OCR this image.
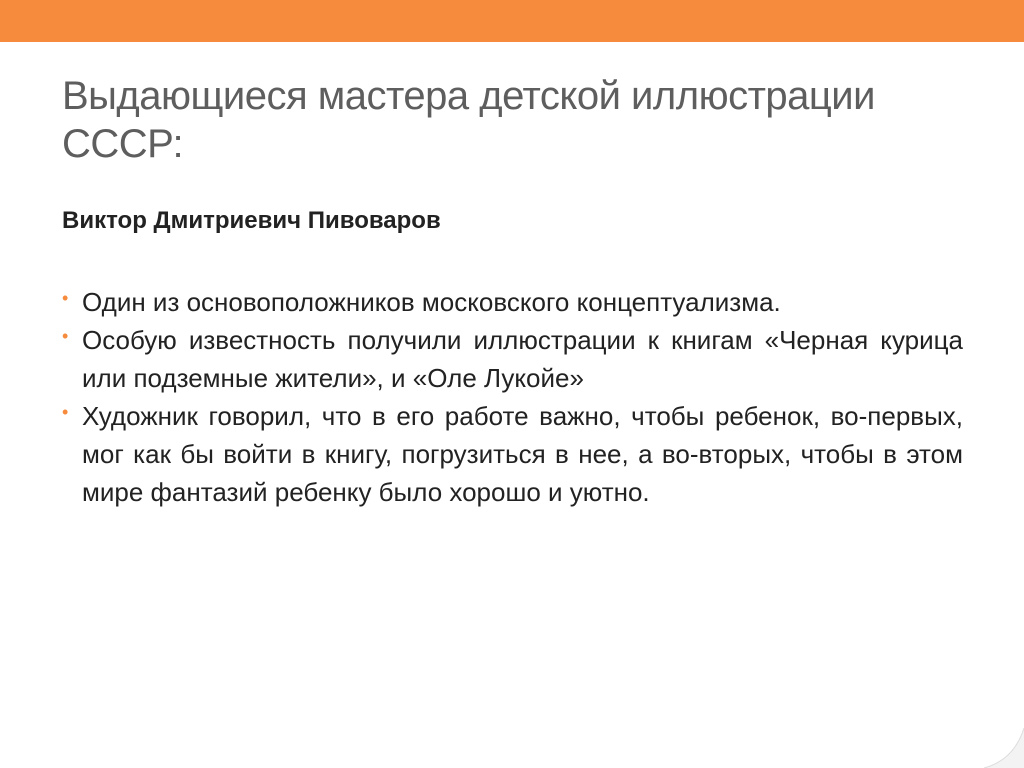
Выдающиеся мастера детской иллюстрации СССР:
Виктор Дмитриевич Пивоваров
• Один из основоположников московского концептуализма.
• Особую известность получили иллюстрации к книгам «Черная курица или подземные жители», и «Оле Лукойе»
• Художник говорил, что в его работе важно, чтобы ребенок, во-первых, мог как бы войти в книгу, погрузиться в нее, а во-вторых, чтобы в этом мире фантазий ребенку было хорошо и уютно.
